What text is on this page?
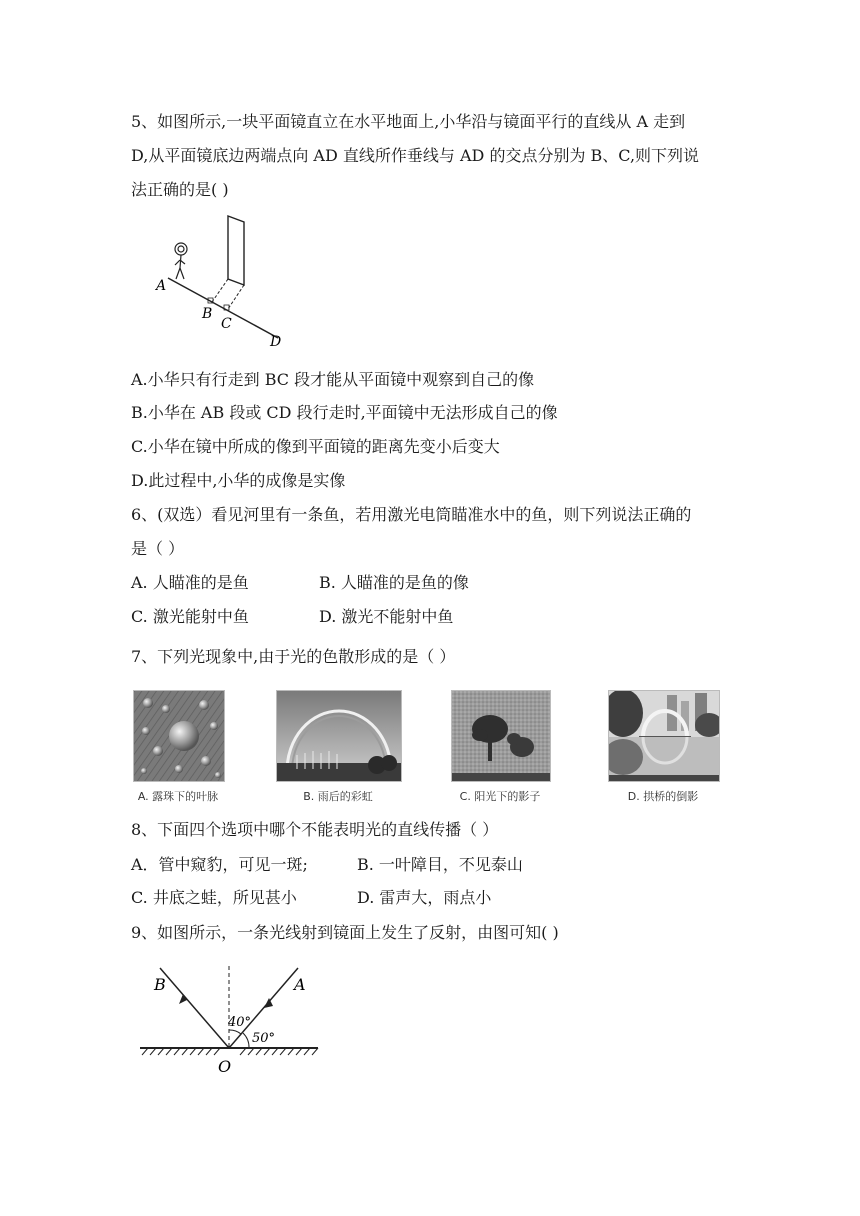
5、如图所示,一块平面镜直立在水平地面上,小华沿与镜面平行的直线从 A 走到
D,从平面镜底边两端点向 AD 直线所作垂线与 AD 的交点分别为 B、C,则下列说
法正确的是( )
A
B
C
D
A.小华只有行走到 BC 段才能从平面镜中观察到自己的像
B.小华在 AB 段或 CD 段行走时,平面镜中无法形成自己的像
C.小华在镜中所成的像到平面镜的距离先变小后变大
D.此过程中,小华的成像是实像
6、(双选）看见河里有一条鱼，若用激光电筒瞄准水中的鱼，则下列说法正确的
是（ ）
A. 人瞄准的是鱼	B. 人瞄准的是鱼的像
C. 激光能射中鱼	D. 激光不能射中鱼
7、下列光现象中,由于光的色散形成的是（ ）
A. 露珠下的叶脉	B. 雨后的彩虹	C. 阳光下的影子	D. 拱桥的倒影
8、下面四个选项中哪个不能表明光的直线传播（ ）
A．管中窥豹，可见一斑;	B. 一叶障目，不见泰山
C. 井底之蛙，所见甚小	D. 雷声大，雨点小
9、如图所示，一条光线射到镜面上发生了反射，由图可知( )
40°
50°
B	A
O
